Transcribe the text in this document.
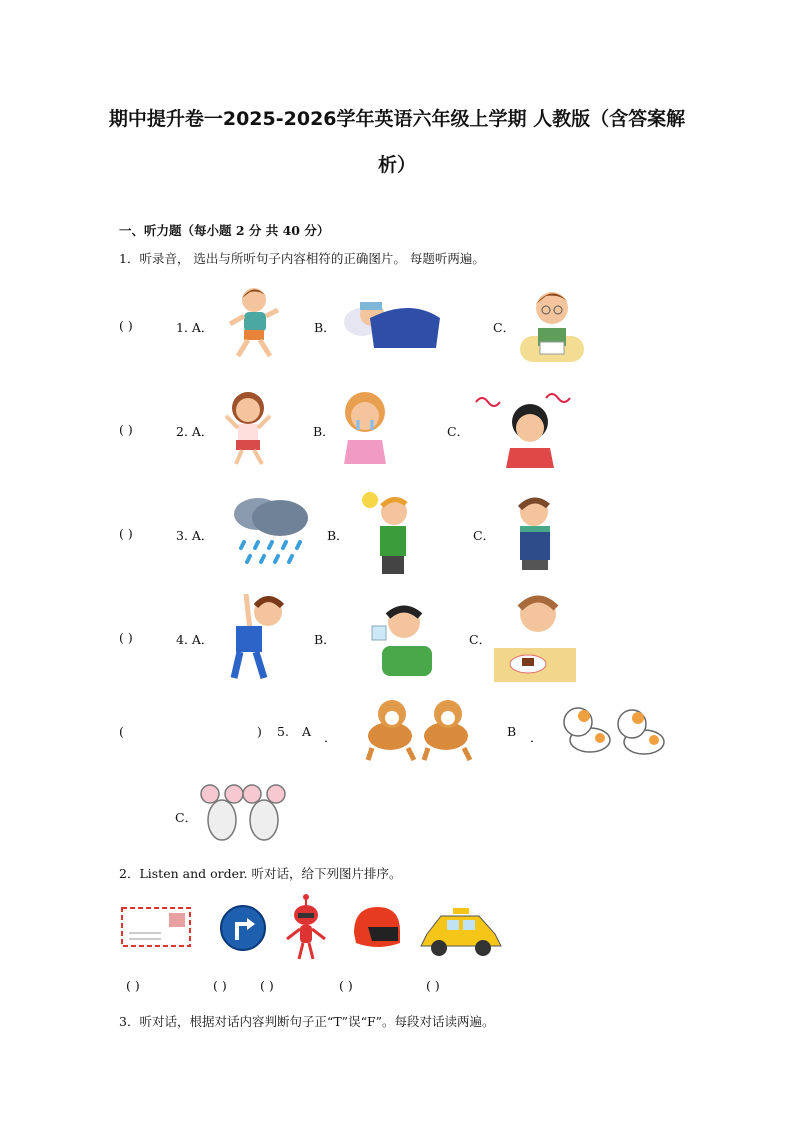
期中提升卷一2025-2026学年英语六年级上学期 人教版（含答案解析）
一、听力题（每小题 2 分 共 40 分）
1．听录音， 选出与所听句子内容相符的正确图片。 每题听两遍。
( )	1. A．	B．	C．
( )	2. A．	B．	C．
( )	3. A．	B．	C．
( )	4. A．	B．	C．
(	) 5. A ．	B ．
C．
2．Listen and order. 听对话，给下列图片排序。
( )	( )	( )	( )	( )
3．听对话，根据对话内容判断句子正“T”误“F”。每段对话读两遍。
